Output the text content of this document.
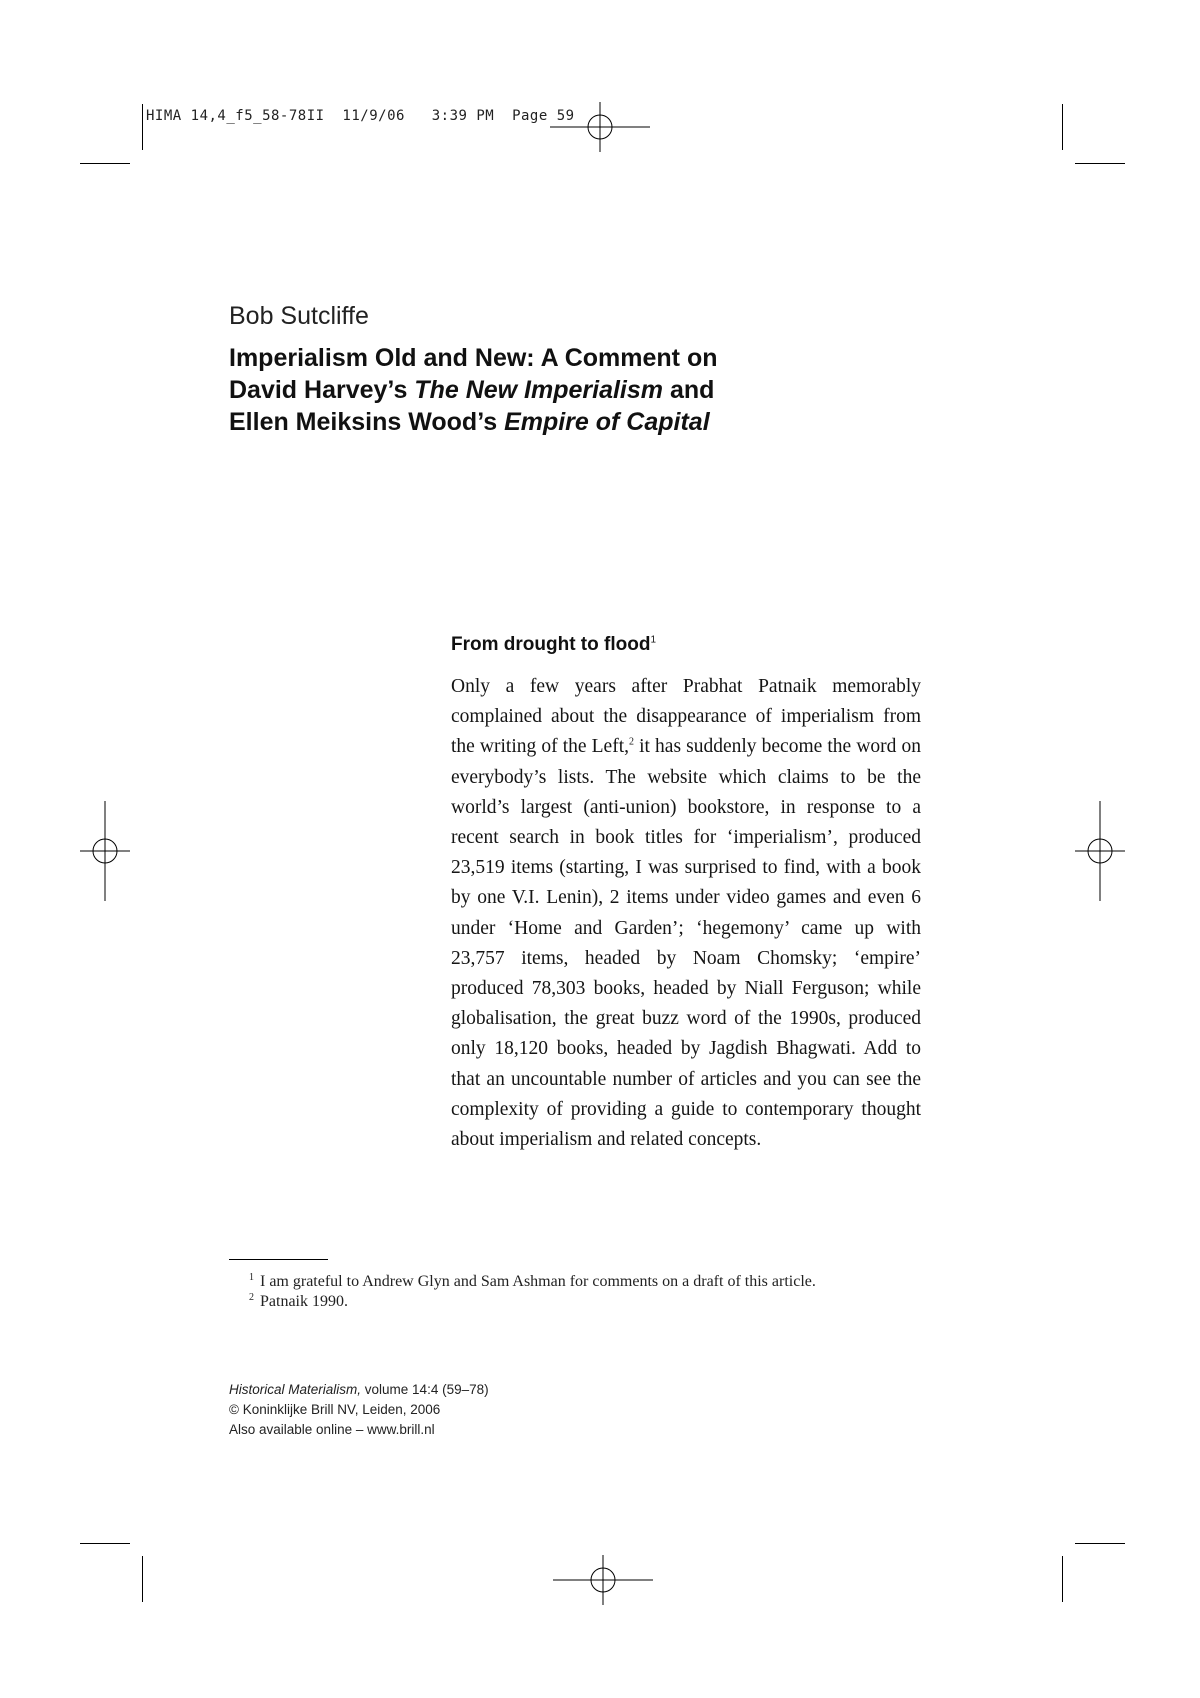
HIMA 14,4_f5_58-78II  11/9/06   3:39 PM  Page 59
Bob Sutcliffe
Imperialism Old and New: A Comment on
David Harvey’s The New Imperialism and
Ellen Meiksins Wood’s Empire of Capital
From drought to flood$^1$
Only a few years after Prabhat Patnaik memorably complained about the disappearance of imperialism from the writing of the Left,$^2$ it has suddenly become the word on everybody’s lists. The website which claims to be the world’s largest (anti-union) bookstore, in response to a recent search in book titles for ‘imperialism’, produced 23,519 items (starting, I was surprised to find, with a book by one V.I. Lenin), 2 items under video games and even 6 under ‘Home and Garden’; ‘hegemony’ came up with 23,757 items, headed by Noam Chomsky; ‘empire’ produced 78,303 books, headed by Niall Ferguson; while globalisation, the great buzz word of the 1990s, produced only 18,120 books, headed by Jagdish Bhagwati. Add to that an uncountable number of articles and you can see the complexity of providing a guide to contemporary thought about imperialism and related concepts.

$^1$ I am grateful to Andrew Glyn and Sam Ashman for comments on a draft of this article.

$^2$ Patnaik 1990.

Historical Materialism, volume 14:4 (59–78)
© Koninklijke Brill NV, Leiden, 2006
Also available online – www.brill.nl
